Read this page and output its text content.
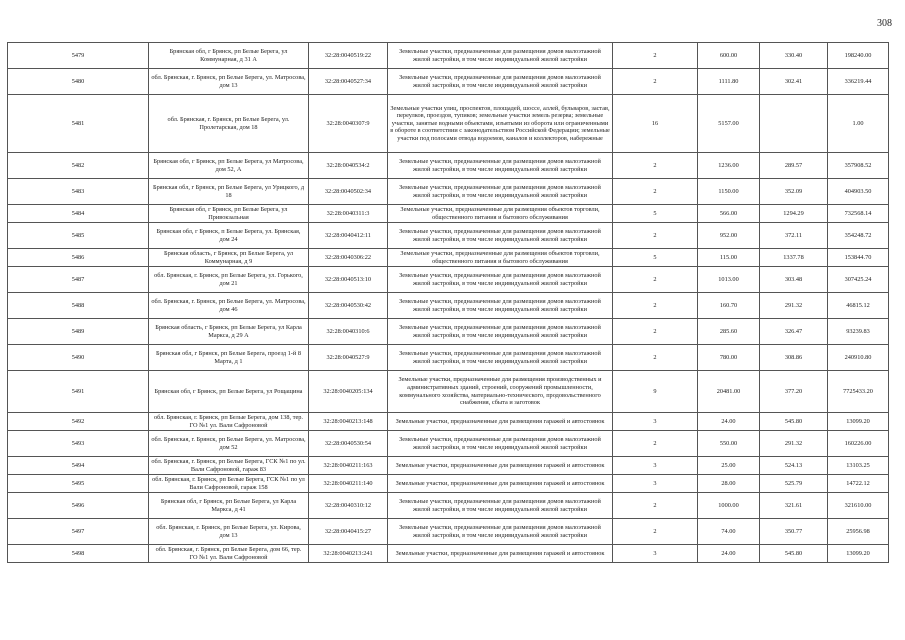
308
5479	Брянская обл, г Брянск, рп Белые Берега, ул Коммунарная, д 31 А	32:28:0040519:22	Земельные участки, предназначенные для размещения домов малоэтажной жилой застройки, в том числе индивидуальной жилой застройки	2	600.00	330.40	198240.00
5480	обл. Брянская, г. Брянск, рп Белые Берега, ул. Матросова, дом 13	32:28:0040527:34	Земельные участки, предназначенные для размещения домов малоэтажной жилой застройки, в том числе индивидуальной жилой застройки	2	1111.80	302.41	336219.44
5481	обл. Брянская, г. Брянск, рп Белые Берега, ул. Пролетарская, дом 18	32:28:0040307:9	Земельные участки улиц, проспектов, площадей, шоссе, аллей, бульваров, застав, переулков, проездов, тупиков; земельные участки земель резерва; земельные участки, занятые водными объектами, изъятыми из оборота или ограниченными в обороте в соответствии с законодательством Российской Федерации; земельные участки под полосами отвода водоемов, каналов и коллекторов, набережные	16	5157.00		1.00
5482	Брянская обл, г Брянск, рп Белые Берега, ул Матросова, дом 52, А	32:28:0040534:2	Земельные участки, предназначенные для размещения домов малоэтажной жилой застройки, в том числе индивидуальной жилой застройки	2	1236.00	289.57	357908.52
5483	Брянская обл, г Брянск, рп Белые Берега, ул Урицкого, д 18	32:28:0040502:34	Земельные участки, предназначенные для размещения домов малоэтажной жилой застройки, в том числе индивидуальной жилой застройки	2	1150.00	352.09	404903.50
5484	Брянская обл, г Брянск, рп Белые Берега, ул Привокзальная	32:28:0040311:3	Земельные участки, предназначенные для размещения объектов торговли, общественного питания и бытового обслуживания	5	566.00	1294.29	732568.14
5485	Брянская обл, г Брянск, п Белые Берега, ул. Брянская, дом 24	32:28:0040412:11	Земельные участки, предназначенные для размещения домов малоэтажной жилой застройки, в том числе индивидуальной жилой застройки	2	952.00	372.11	354248.72
5486	Брянская область, г Брянск, рп Белые Берега, ул Коммунарная, д 9	32:28:0040306:22	Земельные участки, предназначенные для размещения объектов торговли, общественного питания и бытового обслуживания	5	115.00	1337.78	153844.70
5487	обл. Брянская, г. Брянск, рп Белые Берега, ул. Горького, дом 21	32:28:0040513:10	Земельные участки, предназначенные для размещения домов малоэтажной жилой застройки, в том числе индивидуальной жилой застройки	2	1013.00	303.48	307425.24
5488	обл. Брянская, г. Брянск, рп Белые Берега, ул. Матросова, дом 46	32:28:0040530:42	Земельные участки, предназначенные для размещения домов малоэтажной жилой застройки, в том числе индивидуальной жилой застройки	2	160.70	291.32	46815.12
5489	Брянская область, г Брянск, рп Белые Берега, ул Карла Маркса, д 29 А	32:28:0040310:6	Земельные участки, предназначенные для размещения домов малоэтажной жилой застройки, в том числе индивидуальной жилой застройки	2	285.60	326.47	93239.83
5490	Брянская обл, г Брянск, рп Белые Берега, проезд 1-й 8 Марта, д 1	32:28:0040527:9	Земельные участки, предназначенные для размещения домов малоэтажной жилой застройки, в том числе индивидуальной жилой застройки	2	780.00	308.86	240910.80
5491	Брянская обл, г Брянск, рп Белые Берега, ул Рощащина	32:28:0040205:134	Земельные участки, предназначенные для размещения производственных и административных зданий, строений, сооружений промышленности, коммунального хозяйства, материально-технического, продовольственного снабжения, сбыта и заготовок	9	20481.00	377.20	7725433.20
5492	обл. Брянская, г. Брянск, рп Белые Берега, дом 138, тер. ГО №1 ул. Вали Сафроновой	32:28:0040213:148	Земельные участки, предназначенные для размещения гаражей и автостоянок	3	24.00	545.80	13099.20
5493	обл. Брянская, г. Брянск, рп Белые Берега, ул. Матросова, дом 52	32:28:0040530:54	Земельные участки, предназначенные для размещения домов малоэтажной жилой застройки, в том числе индивидуальной жилой застройки	2	550.00	291.32	160226.00
5494	обл. Брянская, г. Брянск, рп Белые Берега, ГСК №1 по ул. Вали Сафроновой, гараж 83	32:28:0040211:163	Земельные участки, предназначенные для размещения гаражей и автостоянок	3	25.00	524.13	13103.25
5495	обл. Брянская, г. Брянск, рп Белые Берега, ГСК №1 по ул Вали Сафроновой, гараж 158	32:28:0040211:140	Земельные участки, предназначенные для размещения гаражей и автостоянок	3	28.00	525.79	14722.12
5496	Брянская обл, г Брянск, рп Белые Берега, ул Карла Маркса, д 41	32:28:0040310:12	Земельные участки, предназначенные для размещения домов малоэтажной жилой застройки, в том числе индивидуальной жилой застройки	2	1000.00	321.61	321610.00
5497	обл. Брянская, г. Брянск, рп Белые Берега, ул. Кирова, дом 13	32:28:0040415:27	Земельные участки, предназначенные для размещения домов малоэтажной жилой застройки, в том числе индивидуальной жилой застройки	2	74.00	350.77	25956.98
5498	обл. Брянская, г. Брянск, рп Белые Берега, дом 66, тер. ГО №1 ул. Вали Сафроновой	32:28:0040213:241	Земельные участки, предназначенные для размещения гаражей и автостоянок	3	24.00	545.80	13099.20
